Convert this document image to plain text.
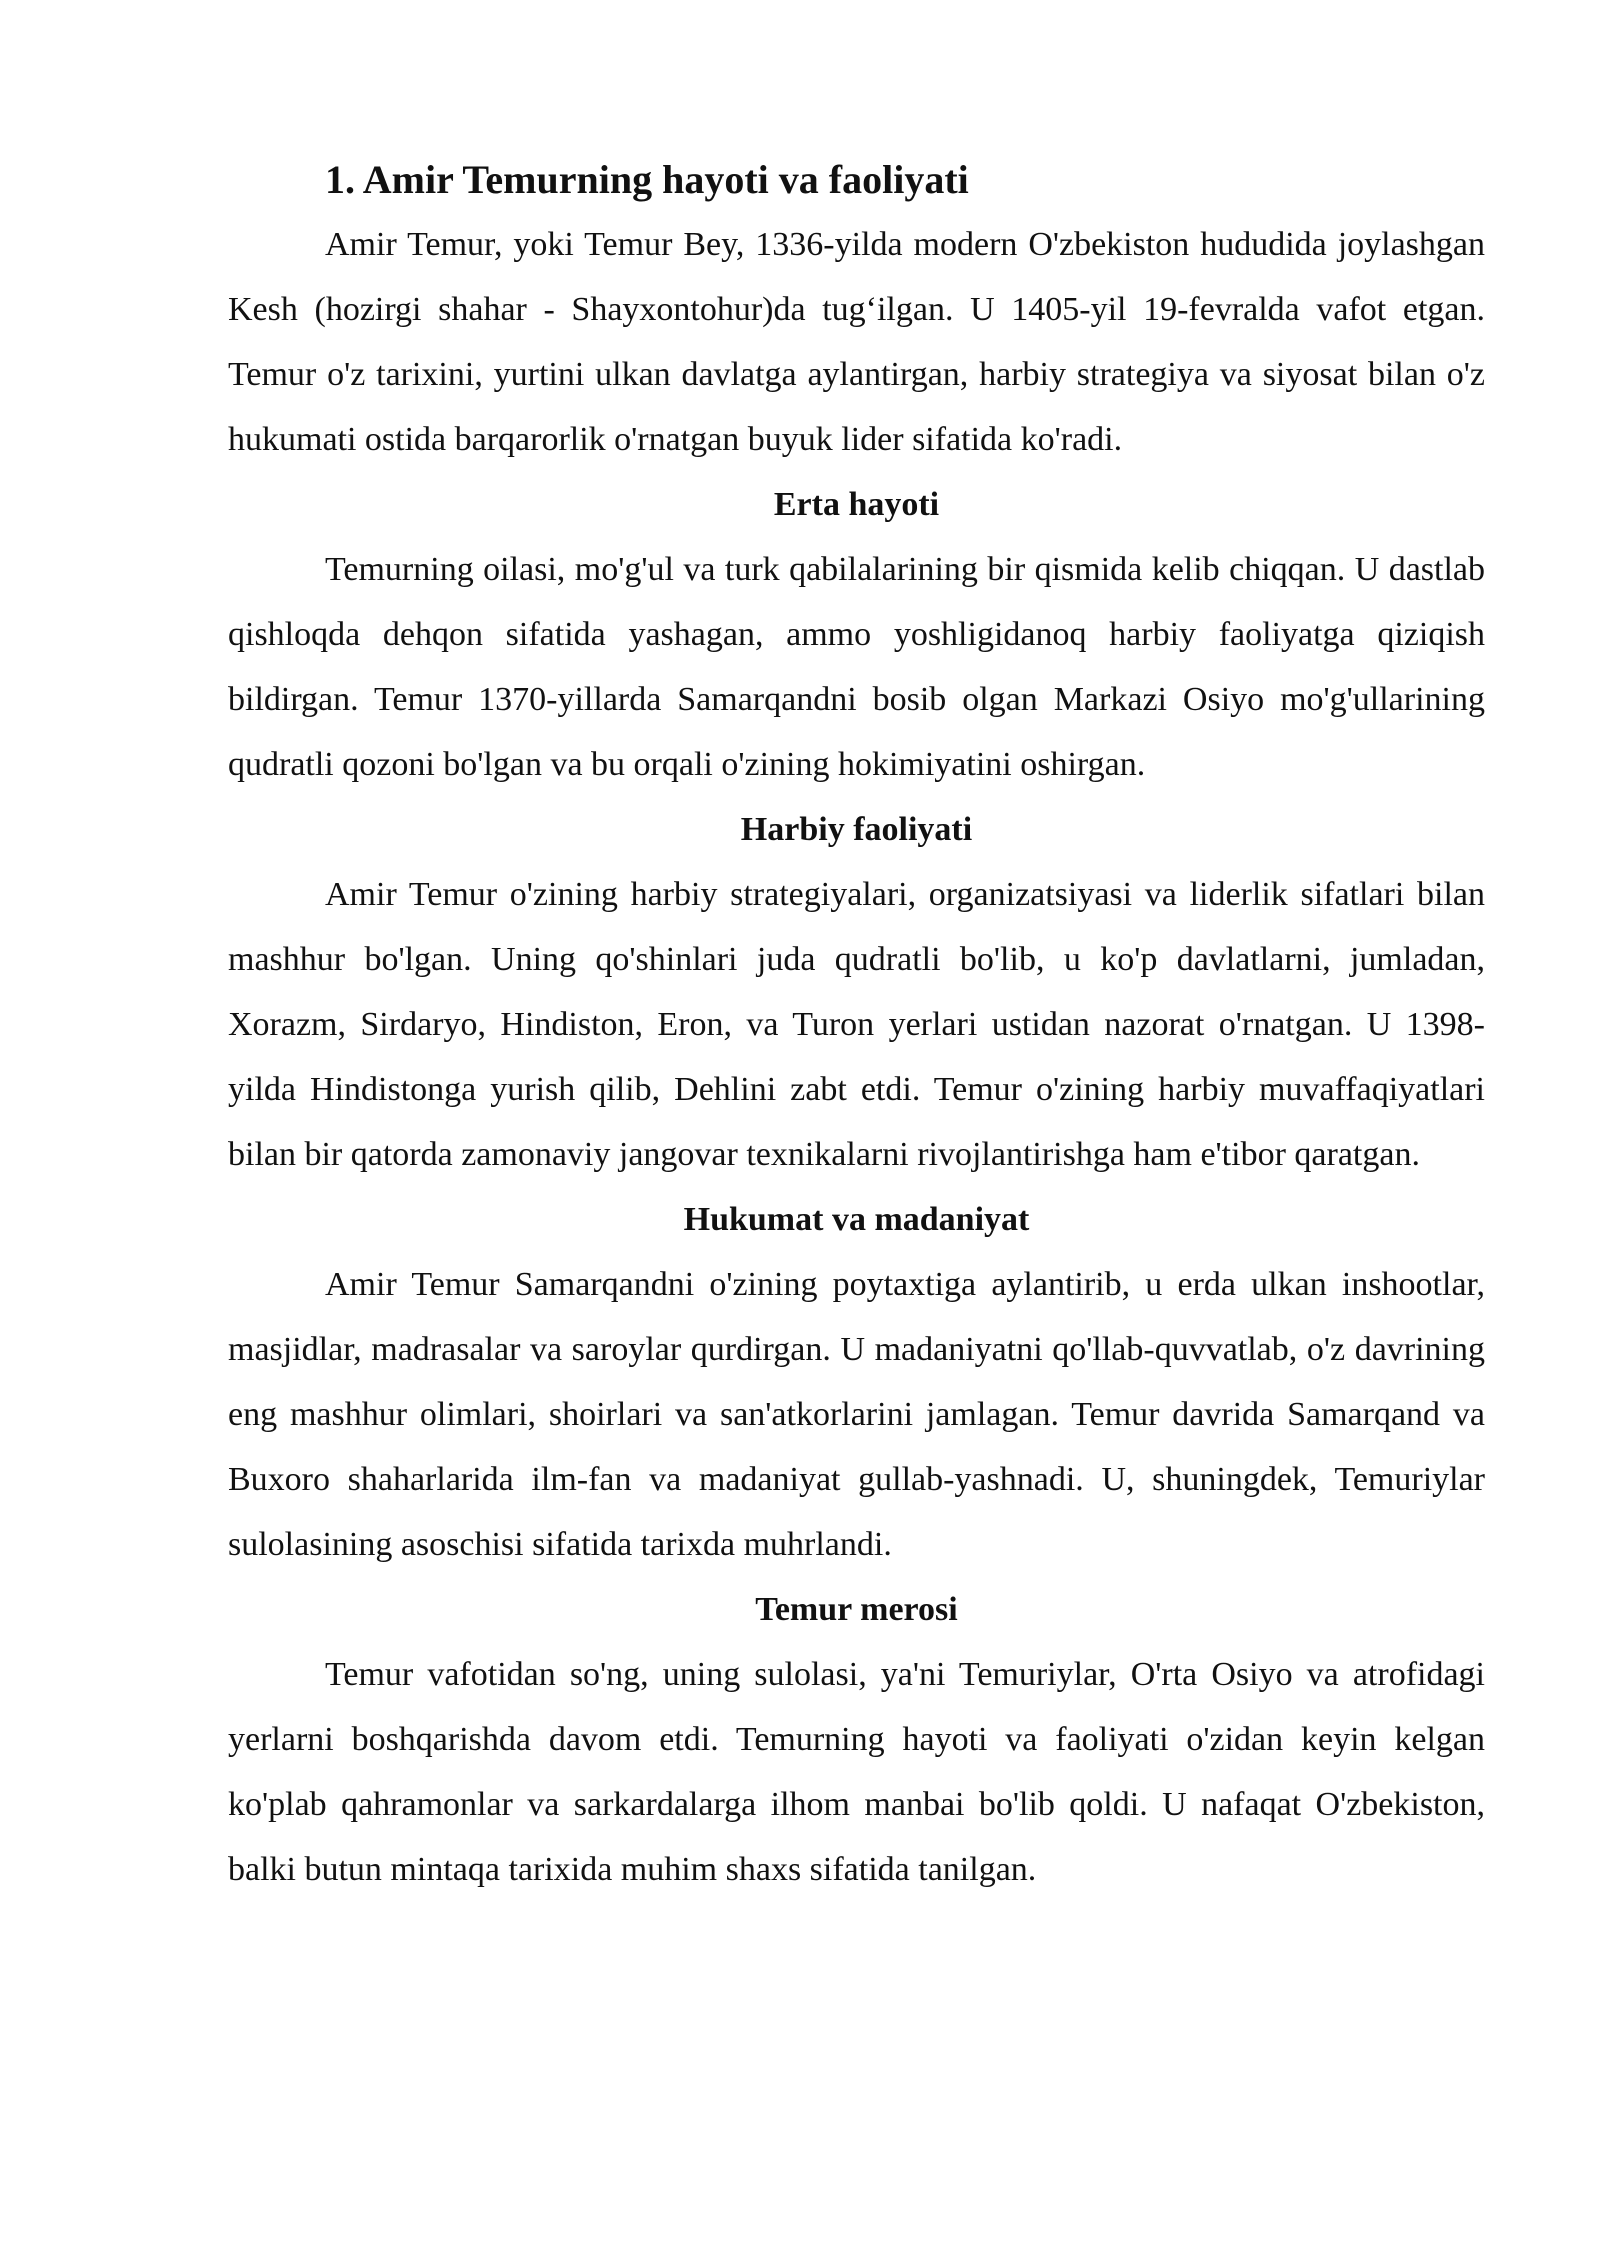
1. Amir Temurning hayoti va faoliyati

Amir Temur, yoki Temur Bey, 1336-yilda modern O'zbekiston hududida joylashgan Kesh (hozirgi shahar - Shayxontohur)da tug‘ilgan. U 1405-yil 19-fevralda vafot etgan. Temur o'z tarixini, yurtini ulkan davlatga aylantirgan, harbiy strategiya va siyosat bilan o'z hukumati ostida barqarorlik o'rnatgan buyuk lider sifatida ko'radi.

Erta hayoti

Temurning oilasi, mo'g'ul va turk qabilalarining bir qismida kelib chiqqan. U dastlab qishloqda dehqon sifatida yashagan, ammo yoshligidanoq harbiy faoliyatga qiziqish bildirgan. Temur 1370-yillarda Samarqandni bosib olgan Markazi Osiyo mo'g'ullarining qudratli qozoni bo'lgan va bu orqali o'zining hokimiyatini oshirgan.

Harbiy faoliyati

Amir Temur o'zining harbiy strategiyalari, organizatsiyasi va liderlik sifatlari bilan mashhur bo'lgan. Uning qo'shinlari juda qudratli bo'lib, u ko'p davlatlarni, jumladan, Xorazm, Sirdaryo, Hindiston, Eron, va Turon yerlari ustidan nazorat o'rnatgan. U 1398-yilda Hindistonga yurish qilib, Dehlini zabt etdi. Temur o'zining harbiy muvaffaqiyatlari bilan bir qatorda zamonaviy jangovar texnikalarni rivojlantirishga ham e'tibor qaratgan.

Hukumat va madaniyat

Amir Temur Samarqandni o'zining poytaxtiga aylantirib, u erda ulkan inshootlar, masjidlar, madrasalar va saroylar qurdirgan. U madaniyatni qo'llab-quvvatlab, o'z davrining eng mashhur olimlari, shoirlari va san'atkorlarini jamlagan. Temur davrida Samarqand va Buxoro shaharlarida ilm-fan va madaniyat gullab-yashnadi. U, shuningdek, Temuriylar sulolasining asoschisi sifatida tarixda muhrlandi.

Temur merosi

Temur vafotidan so'ng, uning sulolasi, ya'ni Temuriylar, O'rta Osiyo va atrofidagi yerlarni boshqarishda davom etdi. Temurning hayoti va faoliyati o'zidan keyin kelgan ko'plab qahramonlar va sarkardalarga ilhom manbai bo'lib qoldi. U nafaqat O'zbekiston, balki butun mintaqa tarixida muhim shaxs sifatida tanilgan.
